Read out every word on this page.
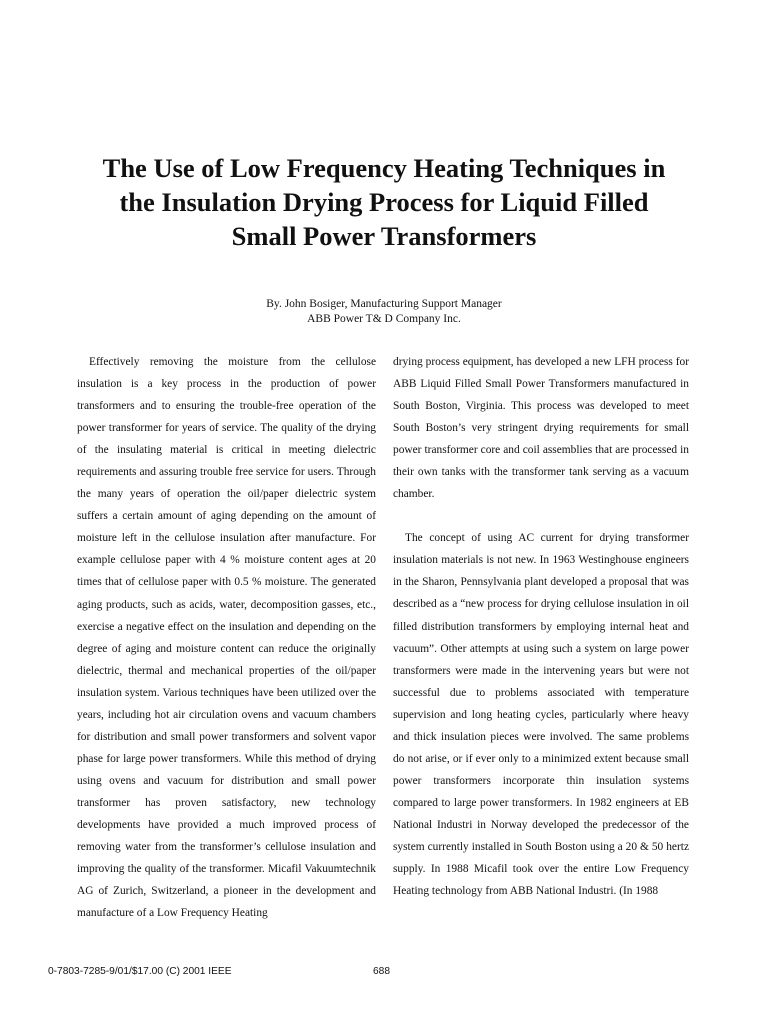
The Use of Low Frequency Heating Techniques in
the Insulation Drying Process for Liquid Filled
Small Power Transformers
By. John Bosiger, Manufacturing Support Manager
ABB Power T& D Company Inc.

Effectively removing the moisture from the cellulose insulation is a key process in the production of power transformers and to ensuring the trouble-free operation of the power transformer for years of service. The quality of the drying of the insulating material is critical in meeting dielectric requirements and assuring trouble free service for users. Through the many years of operation the oil/paper dielectric system suffers a certain amount of aging depending on the amount of moisture left in the cellulose insulation after manufacture. For example cellulose paper with 4 % moisture content ages at 20 times that of cellulose paper with 0.5 % moisture. The generated aging products, such as acids, water, decomposition gasses, etc., exercise a negative effect on the insulation and depending on the degree of aging and moisture content can reduce the originally dielectric, thermal and mechanical properties of the oil/paper insulation system. Various techniques have been utilized over the years, including hot air circulation ovens and vacuum chambers for distribution and small power transformers and solvent vapor phase for large power transformers. While this method of drying using ovens and vacuum for distribution and small power transformer has proven satisfactory, new technology developments have provided a much improved process of removing water from the transformer’s cellulose insulation and improving the quality of the transformer. Micafil Vakuumtechnik AG of Zurich, Switzerland, a pioneer in the development and manufacture of a Low Frequency Heating

drying process equipment, has developed a new LFH process for ABB Liquid Filled Small Power Transformers manufactured in South Boston, Virginia. This process was developed to meet South Boston’s very stringent drying requirements for small power transformer core and coil assemblies that are processed in their own tanks with the transformer tank serving as a vacuum chamber.

The concept of using AC current for drying transformer insulation materials is not new. In 1963 Westinghouse engineers in the Sharon, Pennsylvania plant developed a proposal that was described as a “new process for drying cellulose insulation in oil filled distribution transformers by employing internal heat and vacuum”. Other attempts at using such a system on large power transformers were made in the intervening years but were not successful due to problems associated with temperature supervision and long heating cycles, particularly where heavy and thick insulation pieces were involved. The same problems do not arise, or if ever only to a minimized extent because small power transformers incorporate thin insulation systems compared to large power transformers. In 1982 engineers at EB National Industri in Norway developed the predecessor of the system currently installed in South Boston using a 20 & 50 hertz supply. In 1988 Micafil took over the entire Low Frequency Heating technology from ABB National Industri. (In 1988

0-7803-7285-9/01/$17.00 (C) 2001 IEEE	688
